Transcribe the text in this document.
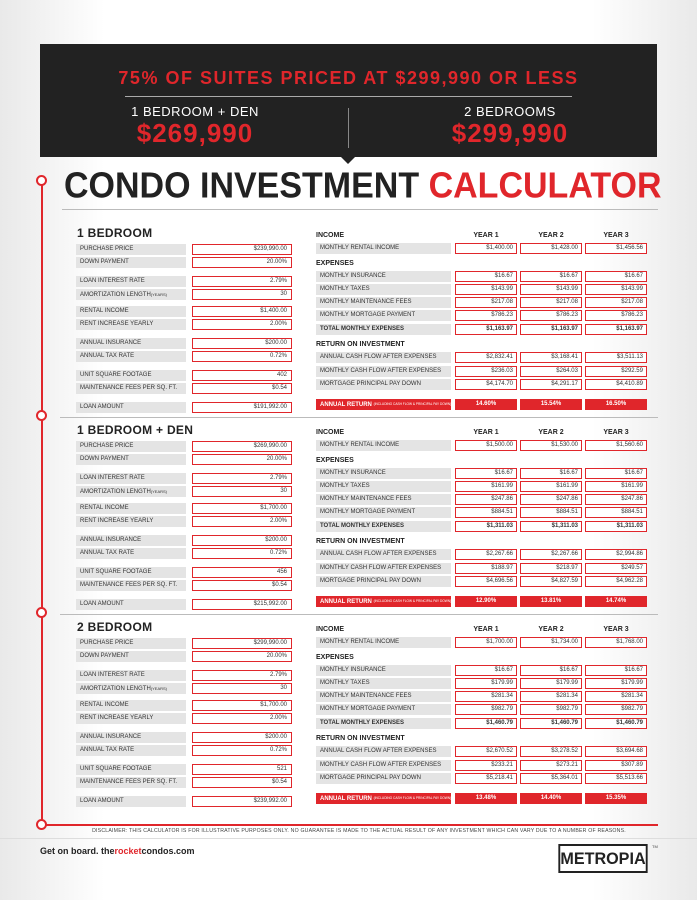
75% OF SUITES PRICED AT $299,990 OR LESS
1 BEDROOM + DEN
$269,990
2 BEDROOMS
$299,990
CONDO INVESTMENT CALCULATOR
1 BEDROOM
PURCHASE PRICE	$239,990.00
DOWN PAYMENT	20.00%
LOAN INTEREST RATE	2.79%
AMORTIZATION LENGTH(YEARS)	30
RENTAL INCOME	$1,400.00
RENT INCREASE YEARLY	2.00%
ANNUAL INSURANCE	$200.00
ANNUAL TAX RATE	0.72%
UNIT SQUARE FOOTAGE	402
MAINTENANCE FEES PER SQ. FT.	$0.54
LOAN AMOUNT	$191,992.00
INCOME	YEAR 1	YEAR 2	YEAR 3
EXPENSES
RETURN ON INVESTMENT
MONTHLY RENTAL INCOME	$1,400.00	$1,428.00	$1,456.56
MONTHLY INSURANCE	$16.67	$16.67	$16.67
MONTHLY TAXES	$143.99	$143.99	$143.99
MONTHLY MAINTENANCE FEES	$217.08	$217.08	$217.08
MONTHLY MORTGAGE PAYMENT	$786.23	$786.23	$786.23
TOTAL MONTHLY EXPENSES	$1,163.97	$1,163.97	$1,163.97
ANNUAL CASH FLOW AFTER EXPENSES	$2,832.41	$3,168.41	$3,511.13
MONTHLY CASH FLOW AFTER EXPENSES	$236.03	$264.03	$292.59
MORTGAGE PRINCIPAL PAY DOWN	$4,174.70	$4,291.17	$4,410.89
ANNUAL RETURN (INCLUDING CASH FLOW & PRINCIPAL PAY DOWN)	14.60%	15.54%	16.50%
1 BEDROOM + DEN
PURCHASE PRICE	$269,990.00
DOWN PAYMENT	20.00%
LOAN INTEREST RATE	2.79%
AMORTIZATION LENGTH(YEARS)	30
RENTAL INCOME	$1,700.00
RENT INCREASE YEARLY	2.00%
ANNUAL INSURANCE	$200.00
ANNUAL TAX RATE	0.72%
UNIT SQUARE FOOTAGE	456
MAINTENANCE FEES PER SQ. FT.	$0.54
LOAN AMOUNT	$215,992.00
INCOME	YEAR 1	YEAR 2	YEAR 3
EXPENSES
RETURN ON INVESTMENT
MONTHLY RENTAL INCOME	$1,500.00	$1,530.00	$1,560.60
MONTHLY INSURANCE	$16.67	$16.67	$16.67
MONTHLY TAXES	$161.99	$161.99	$161.99
MONTHLY MAINTENANCE FEES	$247.86	$247.86	$247.86
MONTHLY MORTGAGE PAYMENT	$884.51	$884.51	$884.51
TOTAL MONTHLY EXPENSES	$1,311.03	$1,311.03	$1,311.03
ANNUAL CASH FLOW AFTER EXPENSES	$2,267.66	$2,267.66	$2,994.86
MONTHLY CASH FLOW AFTER EXPENSES	$188.97	$218.97	$249.57
MORTGAGE PRINCIPAL PAY DOWN	$4,696.56	$4,827.59	$4,962.28
ANNUAL RETURN (INCLUDING CASH FLOW & PRINCIPAL PAY DOWN)	12.90%	13.81%	14.74%
2 BEDROOM
PURCHASE PRICE	$299,990.00
DOWN PAYMENT	20.00%
LOAN INTEREST RATE	2.79%
AMORTIZATION LENGTH(YEARS)	30
RENTAL INCOME	$1,700.00
RENT INCREASE YEARLY	2.00%
ANNUAL INSURANCE	$200.00
ANNUAL TAX RATE	0.72%
UNIT SQUARE FOOTAGE	521
MAINTENANCE FEES PER SQ. FT.	$0.54
LOAN AMOUNT	$239,992.00
INCOME	YEAR 1	YEAR 2	YEAR 3
EXPENSES
RETURN ON INVESTMENT
MONTHLY RENTAL INCOME	$1,700.00	$1,734.00	$1,768.00
MONTHLY INSURANCE	$16.67	$16.67	$16.67
MONTHLY TAXES	$179.99	$179.99	$179.99
MONTHLY MAINTENANCE FEES	$281.34	$281.34	$281.34
MONTHLY MORTGAGE PAYMENT	$982.79	$982.79	$982.79
TOTAL MONTHLY EXPENSES	$1,460.79	$1,460.79	$1,460.79
ANNUAL CASH FLOW AFTER EXPENSES	$2,670.52	$3,278.52	$3,694.68
MONTHLY CASH FLOW AFTER EXPENSES	$233.21	$273.21	$307.89
MORTGAGE PRINCIPAL PAY DOWN	$5,218.41	$5,364.01	$5,513.66
ANNUAL RETURN (INCLUDING CASH FLOW & PRINCIPAL PAY DOWN)	13.48%	14.40%	15.35%
DISCLAIMER: THIS CALCULATOR IS FOR ILLUSTRATIVE PURPOSES ONLY. NO GUARANTEE IS MADE TO THE ACTUAL RESULT OF ANY INVESTMENT WHICH CAN VARY DUE TO A NUMBER OF REASONS.
Get on board. therocketcondos.com	METROPIA
TM
